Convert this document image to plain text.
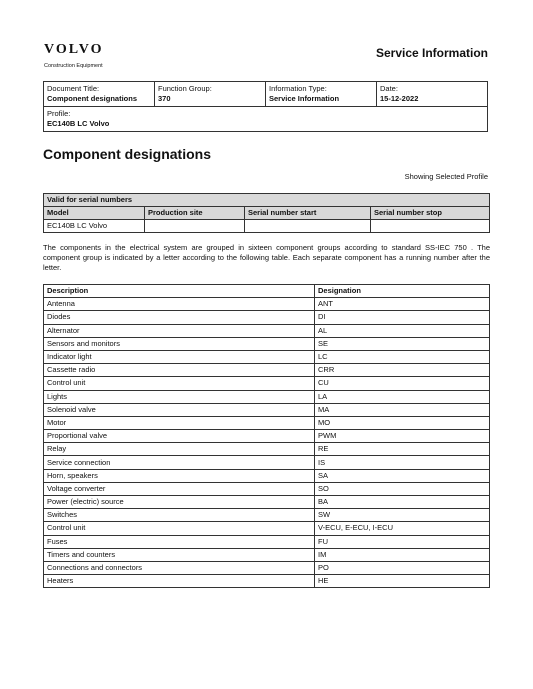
VOLVO
Construction Equipment
Service Information
Document Title:
Component designations

Function Group:
370

Information Type:
Service Information

Date:
15-12-2022

Profile:
EC140B LC Volvo
Component designations
Showing Selected Profile
Valid for serial numbers			
Model	Production site	Serial number start	Serial number stop
EC140B LC Volvo			
The components in the electrical system are grouped in sixteen component groups according to standard SS-IEC 750 . The component group is indicated by a letter according to the following table. Each separate component has a running number after the letter.
Description	Designation
Antenna	ANT
Diodes	DI
Alternator	AL
Sensors and monitors	SE
Indicator light	LC
Cassette radio	CRR
Control unit	CU
Lights	LA
Solenoid valve	MA
Motor	MO
Proportional valve	PWM
Relay	RE
Service connection	IS
Horn, speakers	SA
Voltage converter	SO
Power (electric) source	BA
Switches	SW
Control unit	V-ECU, E-ECU, I-ECU
Fuses	FU
Timers and counters	IM
Connections and connectors	PO
Heaters	HE
